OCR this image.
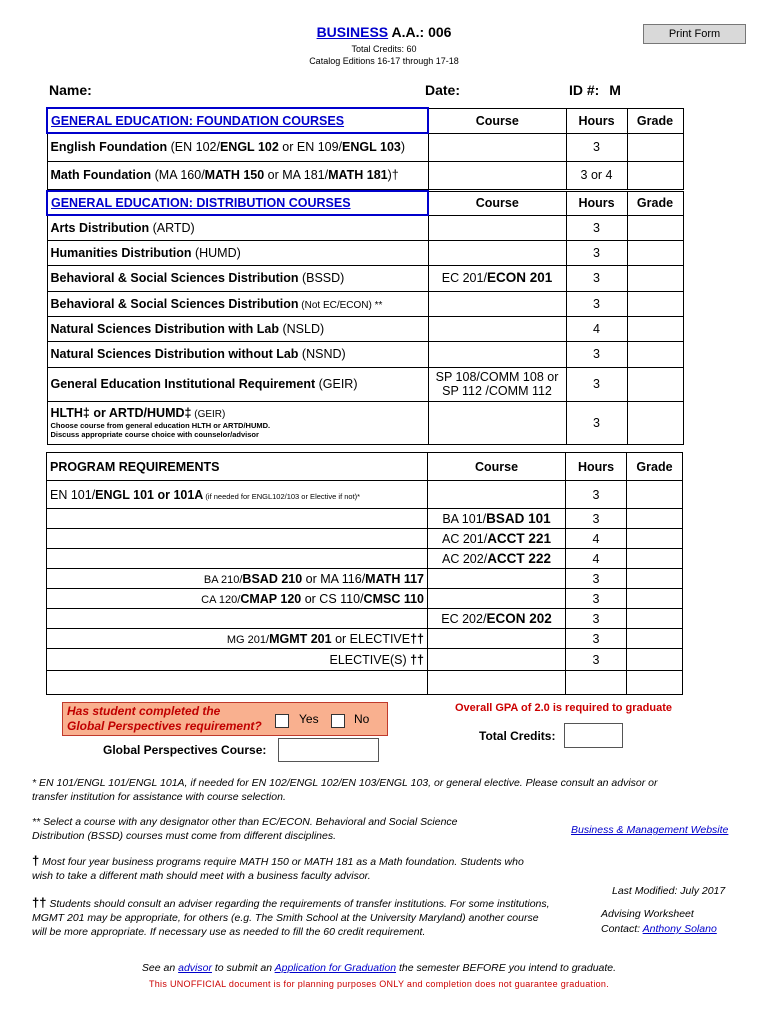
BUSINESS A.A.: 006
Total Credits: 60
Catalog Editions 16-17 through 17-18
Print Form
Name:	Date:	ID #: M
GENERAL EDUCATION: FOUNDATION COURSES	Course	Hours	Grade
English Foundation (EN 102/ENGL 102 or EN 109/ENGL 103)		3	
Math Foundation (MA 160/MATH 150 or MA 181/MATH 181)†		3 or 4	
GENERAL EDUCATION: DISTRIBUTION COURSES	Course	Hours	Grade
Arts Distribution (ARTD)		3	
Humanities Distribution (HUMD)		3	
Behavioral & Social Sciences Distribution (BSSD)	EC 201/ECON 201	3	
Behavioral & Social Sciences Distribution (Not EC/ECON) **		3	
Natural Sciences Distribution with Lab (NSLD)		4	
Natural Sciences Distribution without Lab (NSND)		3	
General Education Institutional Requirement (GEIR)	SP 108/COMM 108 or
SP 112 /COMM 112	3	
HLTH‡ or ARTD/HUMD‡ (GEIR)
Choose course from general education HLTH or ARTD/HUMD.
Discuss appropriate course choice with counselor/advisor		3	
PROGRAM REQUIREMENTS	Course	Hours	Grade
EN 101/ENGL 101 or 101A (if needed for ENGL102/103 or Elective if not)*		3	
	BA 101/BSAD 101	3	
	AC 201/ACCT 221	4	
	AC 202/ACCT 222	4	
BA 210/BSAD 210 or MA 116/MATH 117		3	
CA 120/CMAP 120 or CS 110/CMSC 110		3	
	EC 202/ECON 202	3	
MG 201/MGMT 201 or ELECTIVE††		3	
ELECTIVE(S) ††		3	

Has student completed the
Global Perspectives requirement?	Yes	No
Overall GPA of 2.0 is required to graduate
Global Perspectives Course:
Total Credits:
* EN 101/ENGL 101/ENGL 101A, if needed for EN 102/ENGL 102/EN 103/ENGL 103, or general elective. Please consult an advisor or
transfer institution for assistance with course selection.
** Select a course with any designator other than EC/ECON. Behavioral and Social Science
Distribution (BSSD) courses must come from different disciplines.	Business & Management Website
† Most four year business programs require MATH 150 or MATH 181 as a Math foundation. Students who
wish to take a different math should meet with a business faculty advisor.
Last Modified: July 2017
†† Students should consult an adviser regarding the requirements of transfer institutions. For some institutions,
MGMT 201 may be appropriate, for others (e.g. The Smith School at the University Maryland) another course
will be more appropriate. If necessary use as needed to fill the 60 credit requirement.
Advising Worksheet
Contact: Anthony Solano
See an advisor to submit an Application for Graduation the semester BEFORE you intend to graduate.
This UNOFFICIAL document is for planning purposes ONLY and completion does not guarantee graduation.
